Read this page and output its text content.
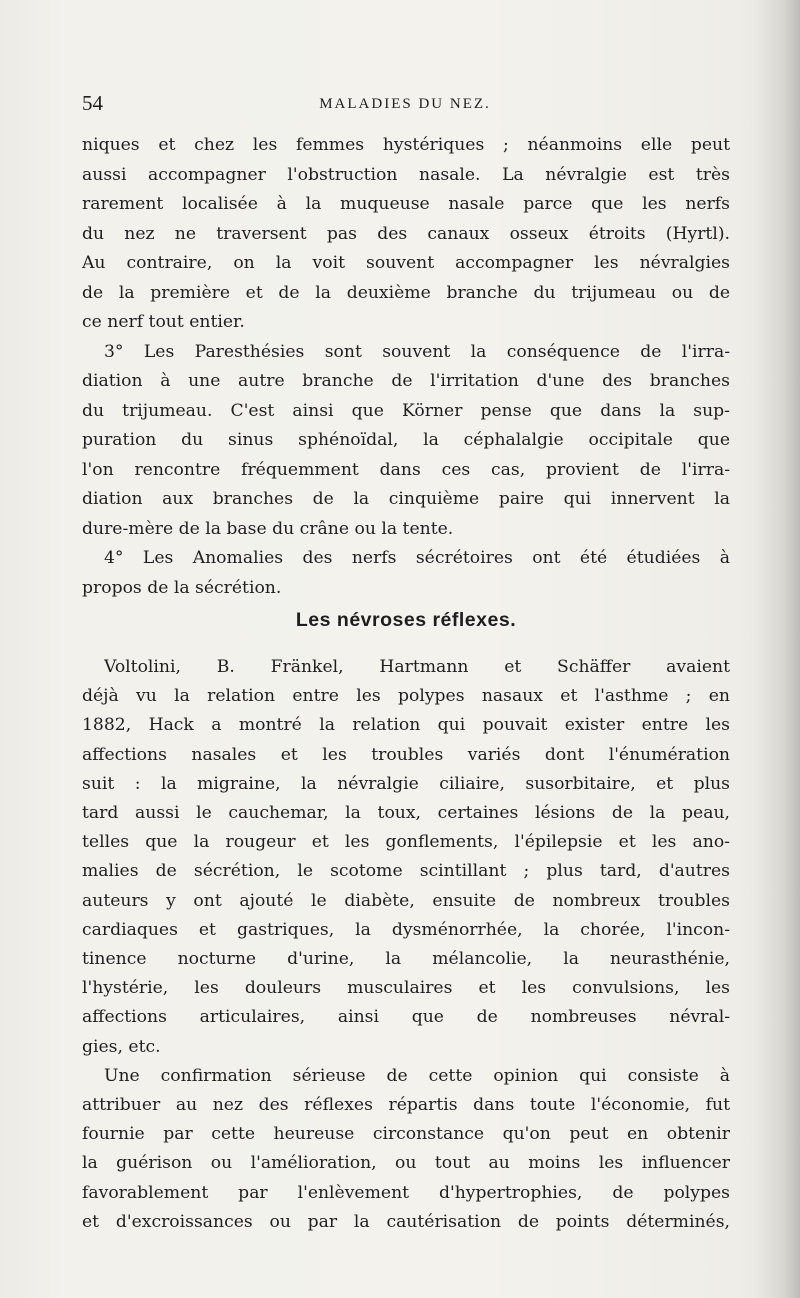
54	MALADIES DU NEZ.
niques et chez les femmes hystériques ; néanmoins elle peut
aussi accompagner l'obstruction nasale. La névralgie est très
rarement localisée à la muqueuse nasale parce que les nerfs
du nez ne traversent pas des canaux osseux étroits (Hyrtl).
Au contraire, on la voit souvent accompagner les névralgies
de la première et de la deuxième branche du trijumeau ou de
ce nerf tout entier.
3° Les Paresthésies sont souvent la conséquence de l'irra-
diation à une autre branche de l'irritation d'une des branches
du trijumeau. C'est ainsi que Körner pense que dans la sup-
puration du sinus sphénoïdal, la céphalalgie occipitale que
l'on rencontre fréquemment dans ces cas, provient de l'irra-
diation aux branches de la cinquième paire qui innervent la
dure-mère de la base du crâne ou la tente.
4° Les Anomalies des nerfs sécrétoires ont été étudiées à
propos de la sécrétion.
Les névroses réflexes.
Voltolini, B. Fränkel, Hartmann et Schäffer avaient
déjà vu la relation entre les polypes nasaux et l'asthme ; en
1882, Hack a montré la relation qui pouvait exister entre les
affections nasales et les troubles variés dont l'énumération
suit : la migraine, la névralgie ciliaire, susorbitaire, et plus
tard aussi le cauchemar, la toux, certaines lésions de la peau,
telles que la rougeur et les gonflements, l'épilepsie et les ano-
malies de sécrétion, le scotome scintillant ; plus tard, d'autres
auteurs y ont ajouté le diabète, ensuite de nombreux troubles
cardiaques et gastriques, la dysménorrhée, la chorée, l'incon-
tinence nocturne d'urine, la mélancolie, la neurasthénie,
l'hystérie, les douleurs musculaires et les convulsions, les
affections articulaires, ainsi que de nombreuses névral-
gies, etc.
Une confirmation sérieuse de cette opinion qui consiste à
attribuer au nez des réflexes répartis dans toute l'économie, fut
fournie par cette heureuse circonstance qu'on peut en obtenir
la guérison ou l'amélioration, ou tout au moins les influencer
favorablement par l'enlèvement d'hypertrophies, de polypes
et d'excroissances ou par la cautérisation de points déterminés,
